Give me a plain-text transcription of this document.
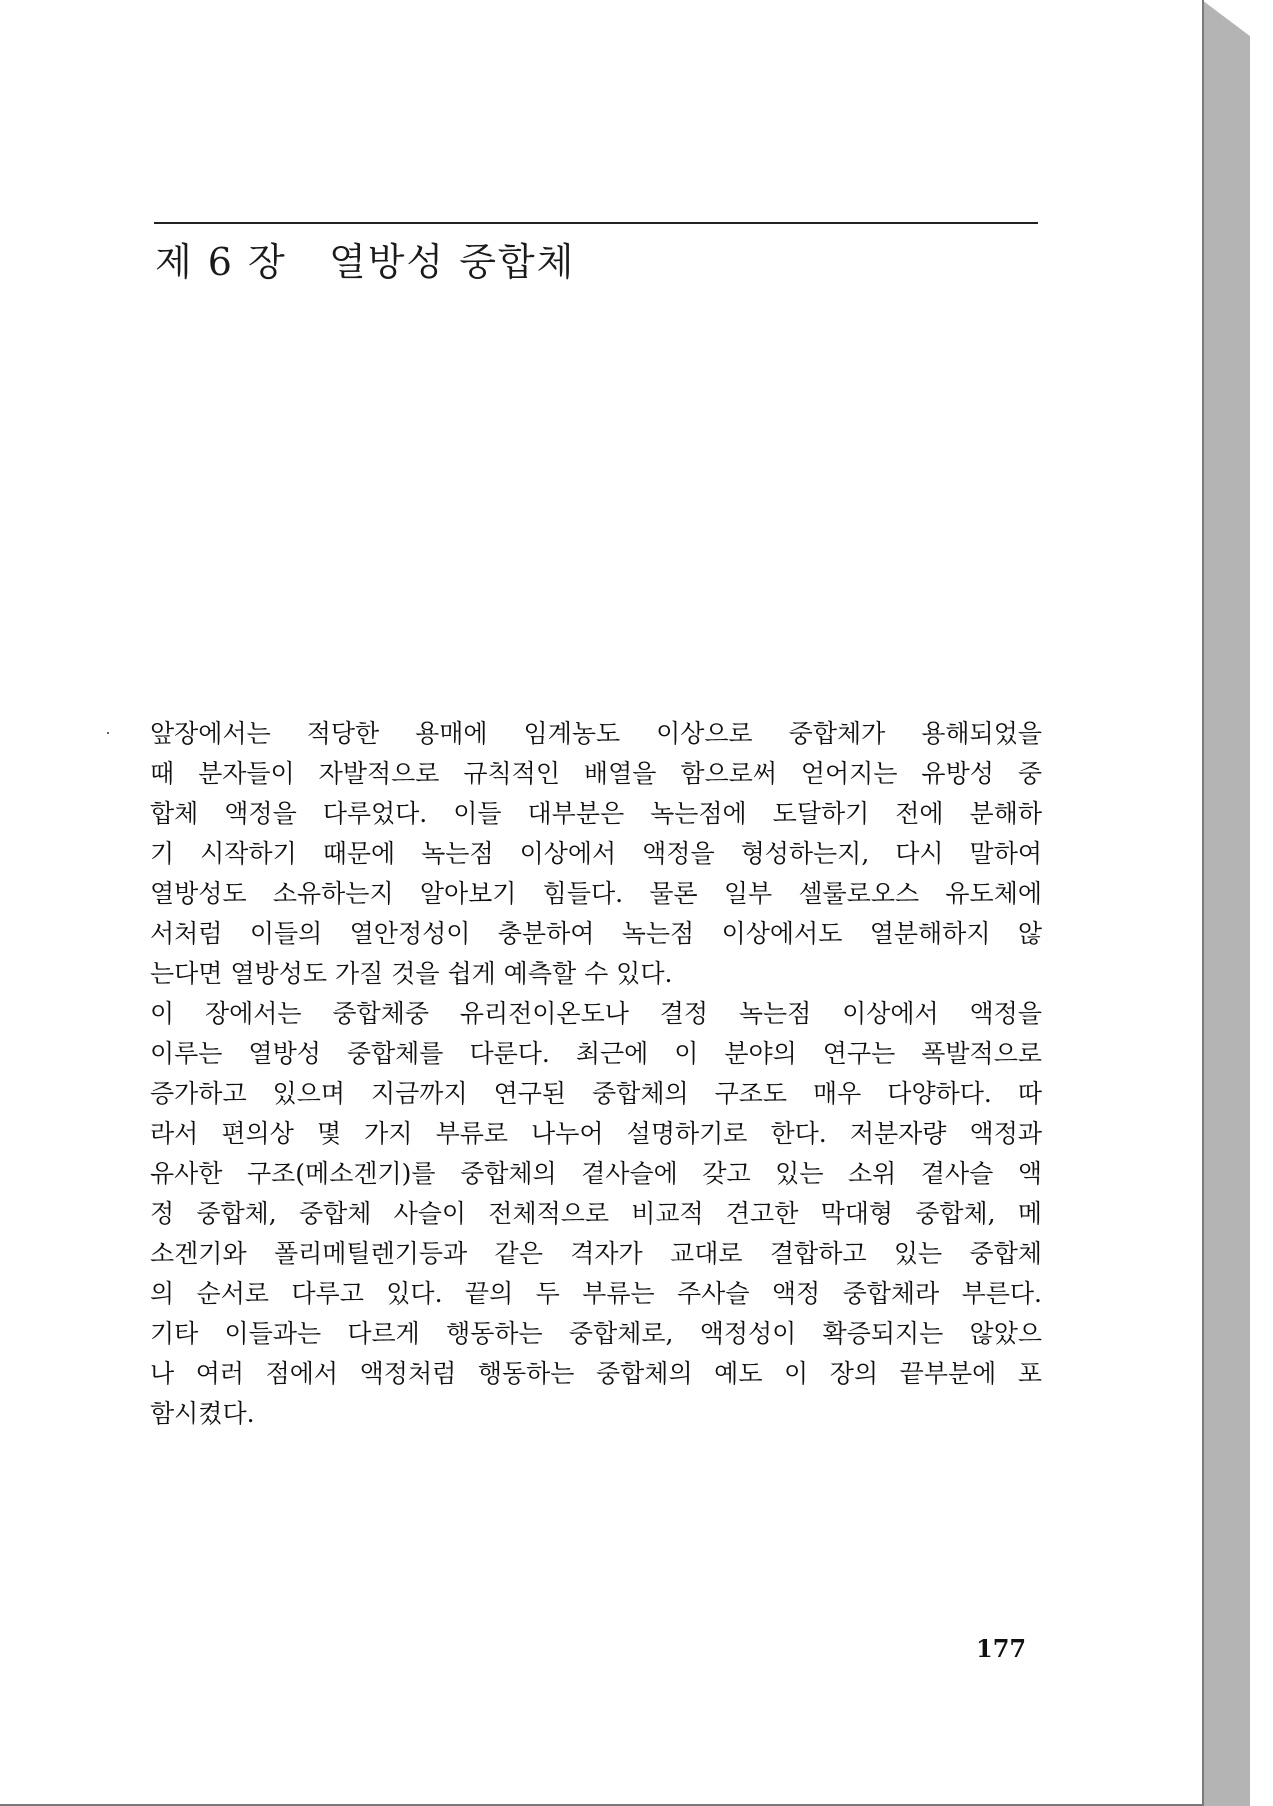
제 6 장   열방성 중합체
앞장에서는 적당한 용매에 임계농도 이상으로 중합체가 용해되었을
때 분자들이 자발적으로 규칙적인 배열을 함으로써 얻어지는 유방성 중
합체 액정을 다루었다. 이들 대부분은 녹는점에 도달하기 전에 분해하
기 시작하기 때문에 녹는점 이상에서 액정을 형성하는지, 다시 말하여
열방성도 소유하는지 알아보기 힘들다. 물론 일부 셀룰로오스 유도체에
서처럼 이들의 열안정성이 충분하여 녹는점 이상에서도 열분해하지 않
는다면 열방성도 가질 것을 쉽게 예측할 수 있다.
이 장에서는 중합체중 유리전이온도나 결정 녹는점 이상에서 액정을
이루는 열방성 중합체를 다룬다. 최근에 이 분야의 연구는 폭발적으로
증가하고 있으며 지금까지 연구된 중합체의 구조도 매우 다양하다. 따
라서 편의상 몇 가지 부류로 나누어 설명하기로 한다. 저분자량 액정과
유사한 구조(메소겐기)를 중합체의 곁사슬에 갖고 있는 소위 곁사슬 액
정 중합체, 중합체 사슬이 전체적으로 비교적 견고한 막대형 중합체, 메
소겐기와 폴리메틸렌기등과 같은 격자가 교대로 결합하고 있는 중합체
의 순서로 다루고 있다. 끝의 두 부류는 주사슬 액정 중합체라 부른다.
기타 이들과는 다르게 행동하는 중합체로, 액정성이 확증되지는 않았으
나 여러 점에서 액정처럼 행동하는 중합체의 예도 이 장의 끝부분에 포
함시켰다.
177
